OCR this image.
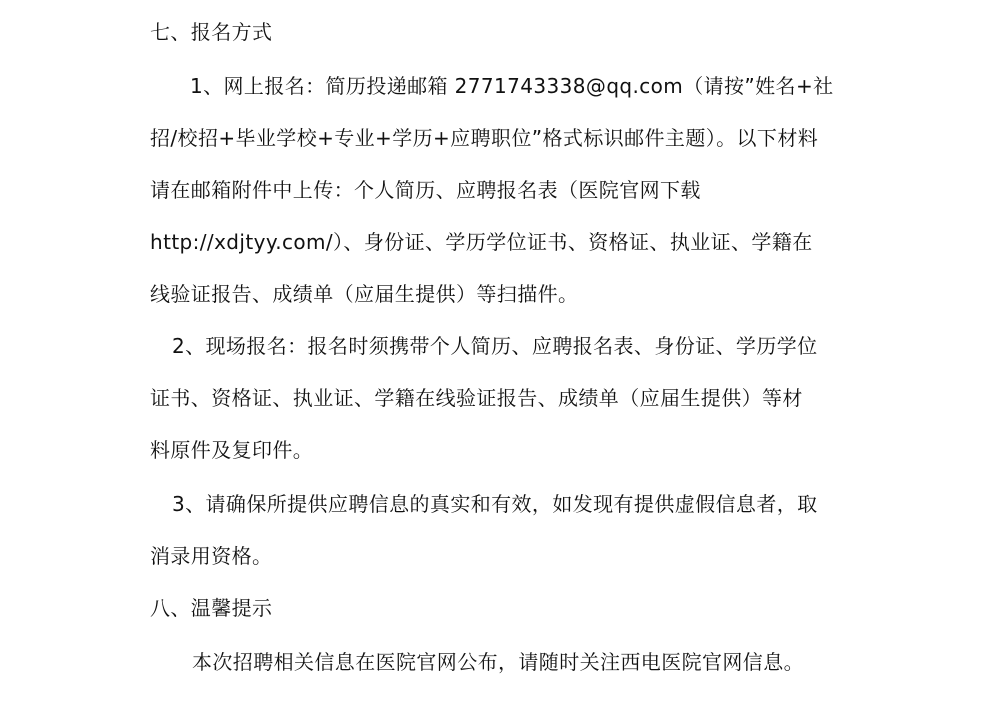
七、报名方式
1、网上报名：简历投递邮箱 2771743338@qq.com（请按”姓名+社
招/校招+毕业学校+专业+学历+应聘职位”格式标识邮件主题）。以下材料
请在邮箱附件中上传：个人简历、应聘报名表（医院官网下载
http://xdjtyy.com/）、身份证、学历学位证书、资格证、执业证、学籍在
线验证报告、成绩单（应届生提供）等扫描件。
2、现场报名：报名时须携带个人简历、应聘报名表、身份证、学历学位
证书、资格证、执业证、学籍在线验证报告、成绩单（应届生提供）等材
料原件及复印件。
3、请确保所提供应聘信息的真实和有效，如发现有提供虚假信息者，取
消录用资格。
八、温馨提示
本次招聘相关信息在医院官网公布，请随时关注西电医院官网信息。
